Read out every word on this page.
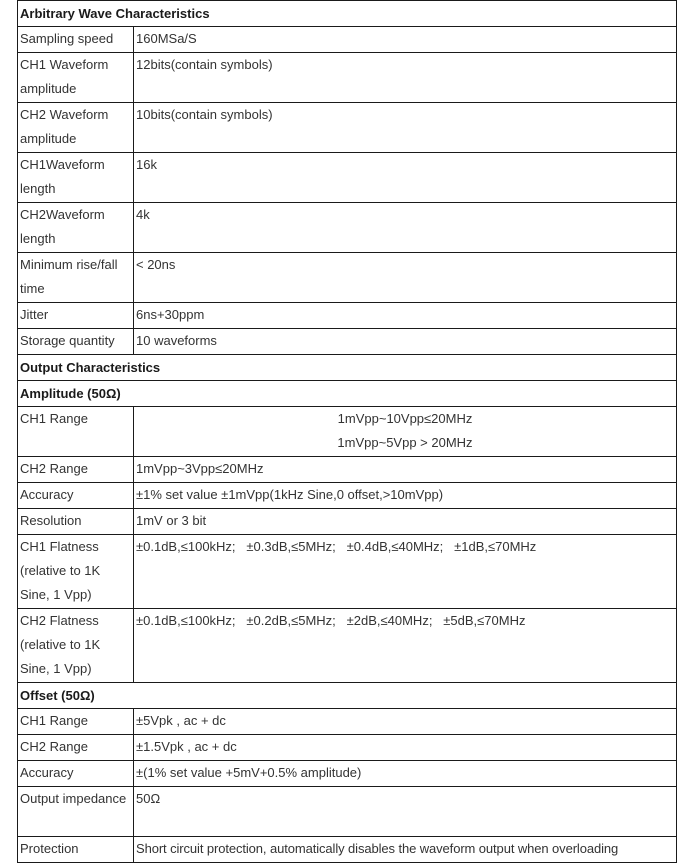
Arbitrary Wave Characteristics	
Sampling speed	160MSa/S
CH1 Waveform amplitude	12bits(contain symbols)
CH2 Waveform amplitude	10bits(contain symbols)
CH1Waveform length	16k
CH2Waveform length	4k
Minimum rise/fall time	< 20ns
Jitter	6ns+30ppm
Storage quantity	10 waveforms
Output Characteristics	
Amplitude (50Ω)	
CH1 Range	1mVpp~10Vpp≤20MHz
1mVpp~5Vpp > 20MHz

CH2 Range	1mVpp~3Vpp≤20MHz
Accuracy	±1% set value ±1mVpp(1kHz Sine,0 offset,>10mVpp)
Resolution	1mV or 3 bit
CH1 Flatness (relative to 1K Sine, 1 Vpp)	±0.1dB,≤100kHz;   ±0.3dB,≤5MHz;   ±0.4dB,≤40MHz;   ±1dB,≤70MHz
CH2 Flatness (relative to 1K Sine, 1 Vpp)	±0.1dB,≤100kHz;   ±0.2dB,≤5MHz;   ±2dB,≤40MHz;   ±5dB,≤70MHz
Offset (50Ω)	
CH1 Range	±5Vpk , ac + dc
CH2 Range	±1.5Vpk , ac + dc
Accuracy	±(1% set value +5mV+0.5% amplitude)
Output impedance	50Ω
Protection	Short circuit protection, automatically disables the waveform output when overloading
